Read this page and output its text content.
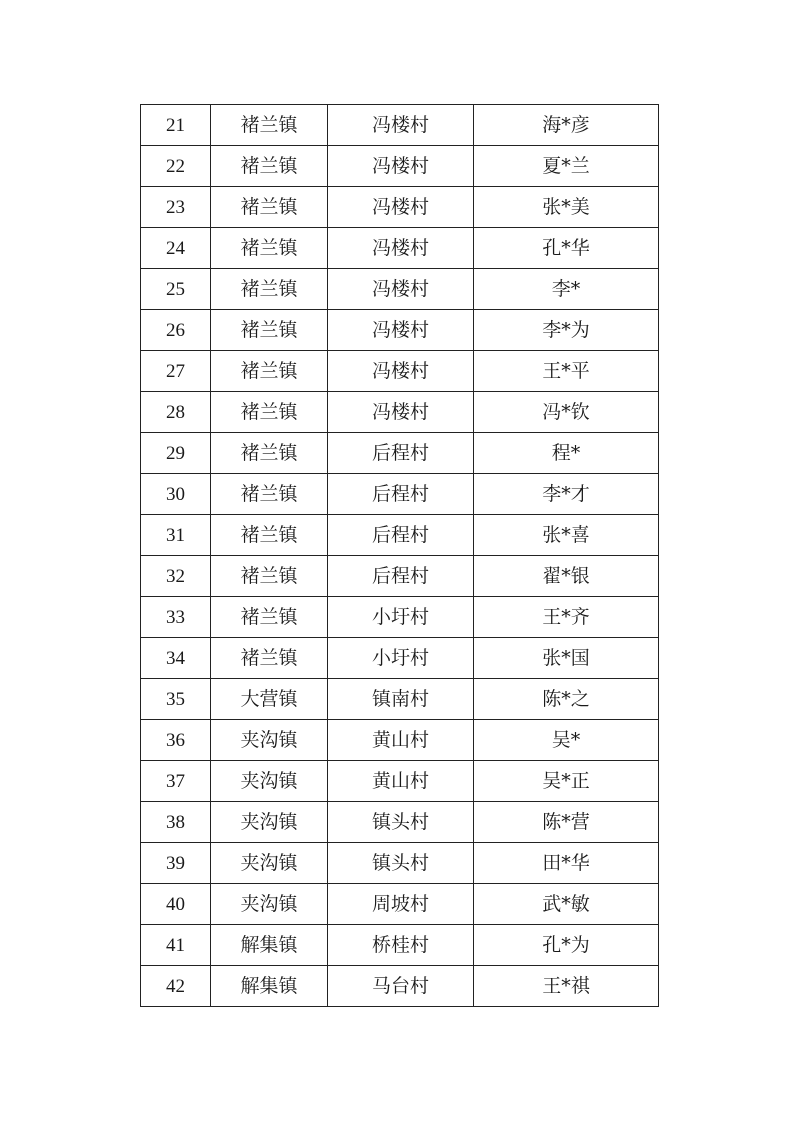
21	褚兰镇	冯楼村	海*彦
22	褚兰镇	冯楼村	夏*兰
23	褚兰镇	冯楼村	张*美
24	褚兰镇	冯楼村	孔*华
25	褚兰镇	冯楼村	李*
26	褚兰镇	冯楼村	李*为
27	褚兰镇	冯楼村	王*平
28	褚兰镇	冯楼村	冯*钦
29	褚兰镇	后程村	程*
30	褚兰镇	后程村	李*才
31	褚兰镇	后程村	张*喜
32	褚兰镇	后程村	翟*银
33	褚兰镇	小圩村	王*齐
34	褚兰镇	小圩村	张*国
35	大营镇	镇南村	陈*之
36	夹沟镇	黄山村	吴*
37	夹沟镇	黄山村	吴*正
38	夹沟镇	镇头村	陈*营
39	夹沟镇	镇头村	田*华
40	夹沟镇	周坡村	武*敏
41	解集镇	桥桂村	孔*为
42	解集镇	马台村	王*祺
